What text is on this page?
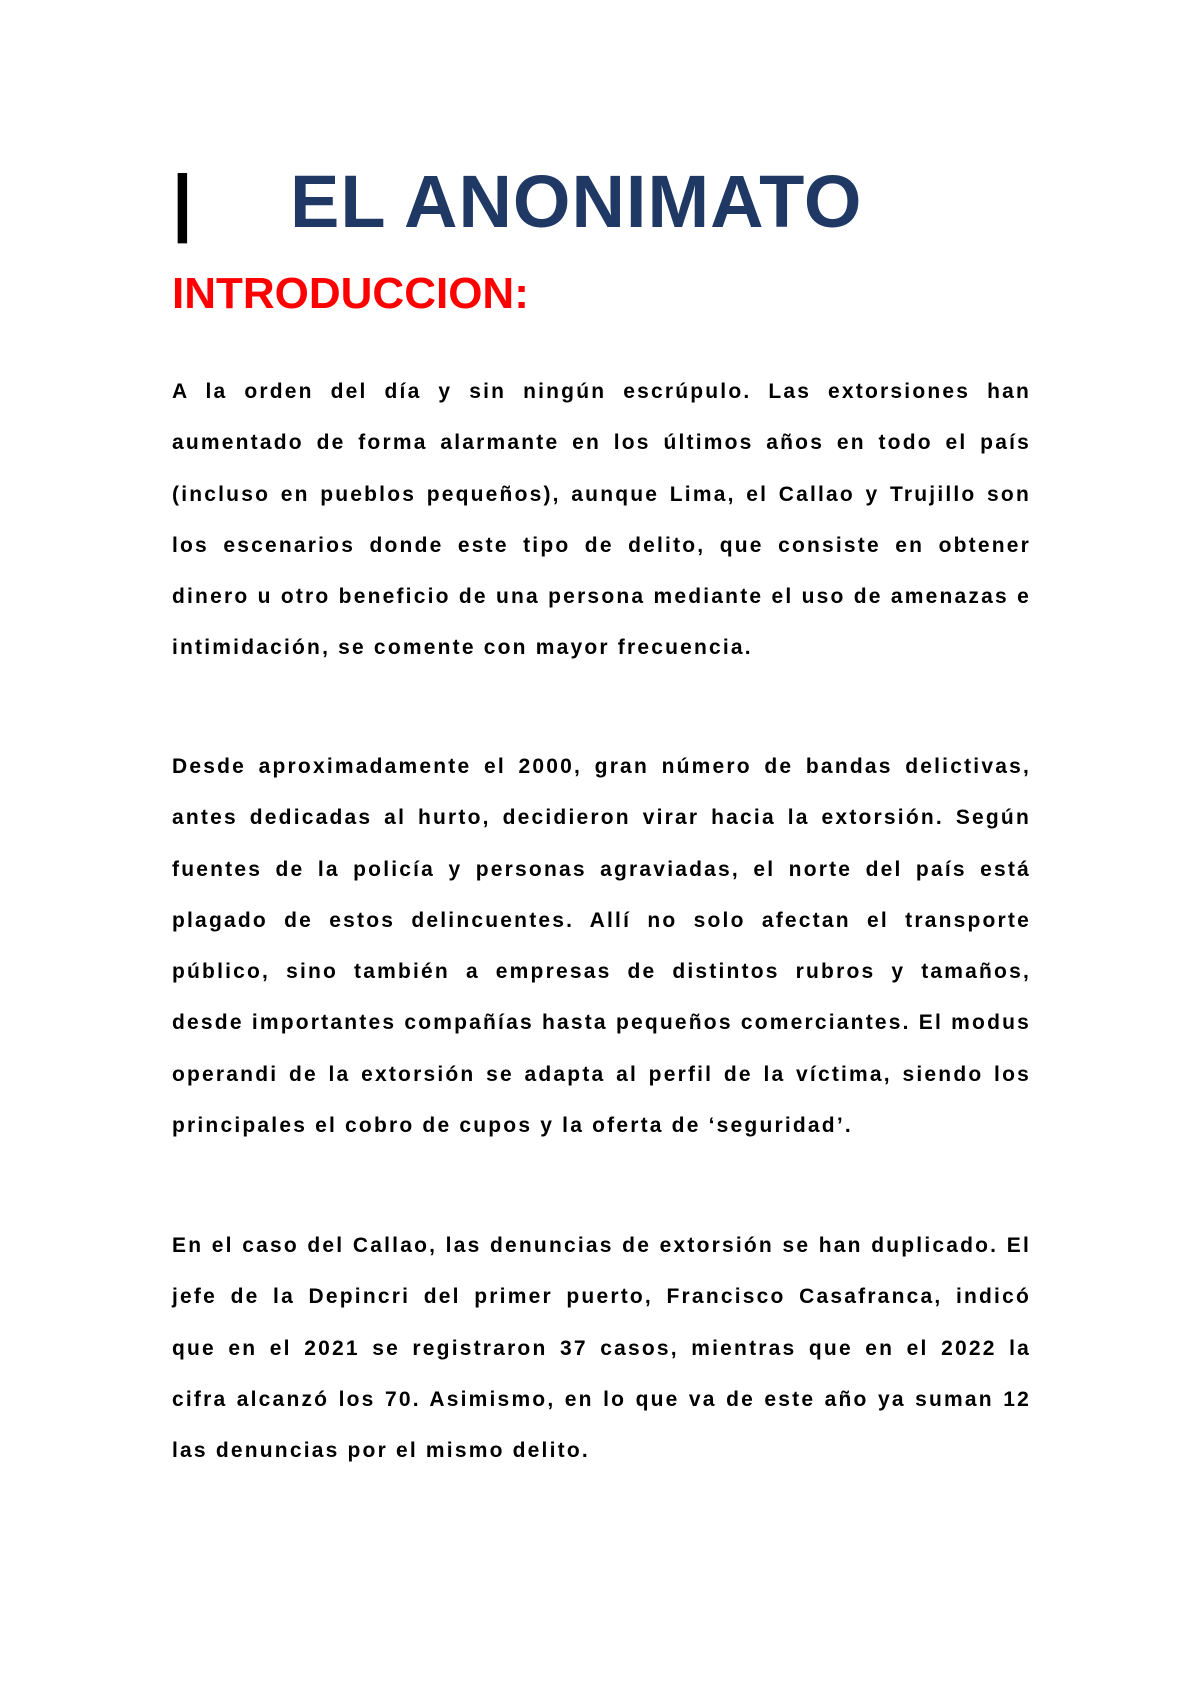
|	EL ANONIMATO
INTRODUCCION:

A la orden del día y sin ningún escrúpulo. Las extorsiones han aumentado de forma alarmante en los últimos años en todo el país (incluso en pueblos pequeños), aunque Lima, el Callao y Trujillo son los escenarios donde este tipo de delito, que consiste en obtener dinero u otro beneficio de una persona mediante el uso de amenazas e intimidación, se comente con mayor frecuencia.

Desde aproximadamente el 2000, gran número de bandas delictivas, antes dedicadas al hurto, decidieron virar hacia la extorsión. Según fuentes de la policía y personas agraviadas, el norte del país está plagado de estos delincuentes. Allí no solo afectan el transporte público, sino también a empresas de distintos rubros y tamaños, desde importantes compañías hasta pequeños comerciantes. El modus operandi de la extorsión se adapta al perfil de la víctima, siendo los principales el cobro de cupos y la oferta de ‘seguridad’.

En el caso del Callao, las denuncias de extorsión se han duplicado. El jefe de la Depincri del primer puerto, Francisco Casafranca, indicó que en el 2021 se registraron 37 casos, mientras que en el 2022 la cifra alcanzó los 70. Asimismo, en lo que va de este año ya suman 12 las denuncias por el mismo delito.
